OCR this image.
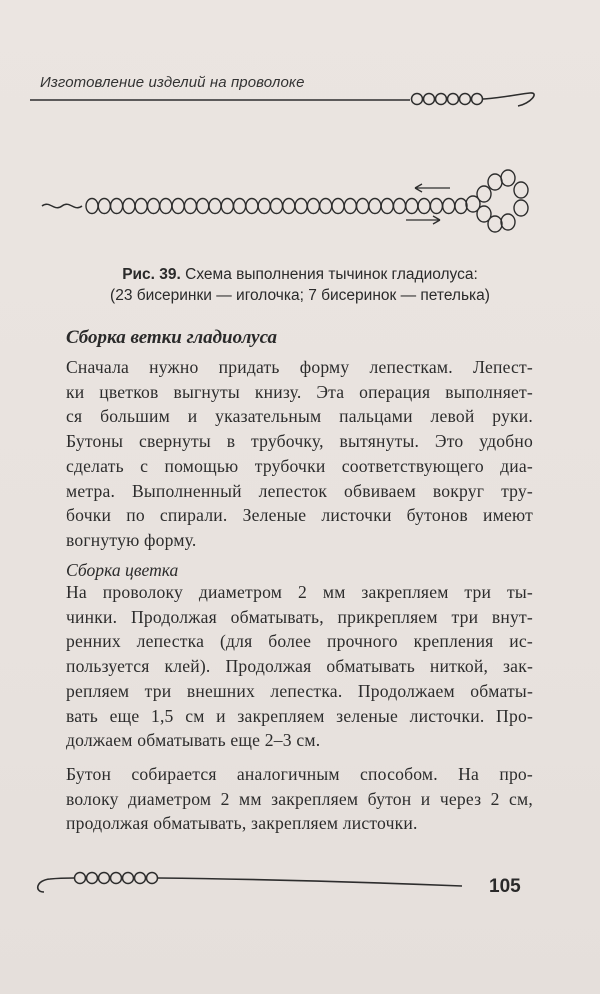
Изготовление изделий на проволоке
Рис. 39. Схема выполнения тычинок гладиолуса:
(23 бисеринки — иголочка; 7 бисеринок — петелька)
Сборка ветки гладиолуса
Сначала нужно придать форму лепесткам. Лепест-
ки цветков выгнуты книзу. Эта операция выполняет-
ся большим и указательным пальцами левой руки.
Бутоны свернуты в трубочку, вытянуты. Это удобно
сделать с помощью трубочки соответствующего диа-
метра. Выполненный лепесток обвиваем вокруг тру-
бочки по спирали. Зеленые листочки бутонов имеют
вогнутую форму.
Сборка цветка
На проволоку диаметром 2 мм закрепляем три ты-
чинки. Продолжая обматывать, прикрепляем три внут-
ренних лепестка (для более прочного крепления ис-
пользуется клей). Продолжая обматывать ниткой, зак-
репляем три внешних лепестка. Продолжаем обматы-
вать еще 1,5 см и закрепляем зеленые листочки. Про-
должаем обматывать еще 2–3 см.
Бутон собирается аналогичным способом. На про-
волоку диаметром 2 мм закрепляем бутон и через 2 см,
продолжая обматывать, закрепляем листочки.
105
